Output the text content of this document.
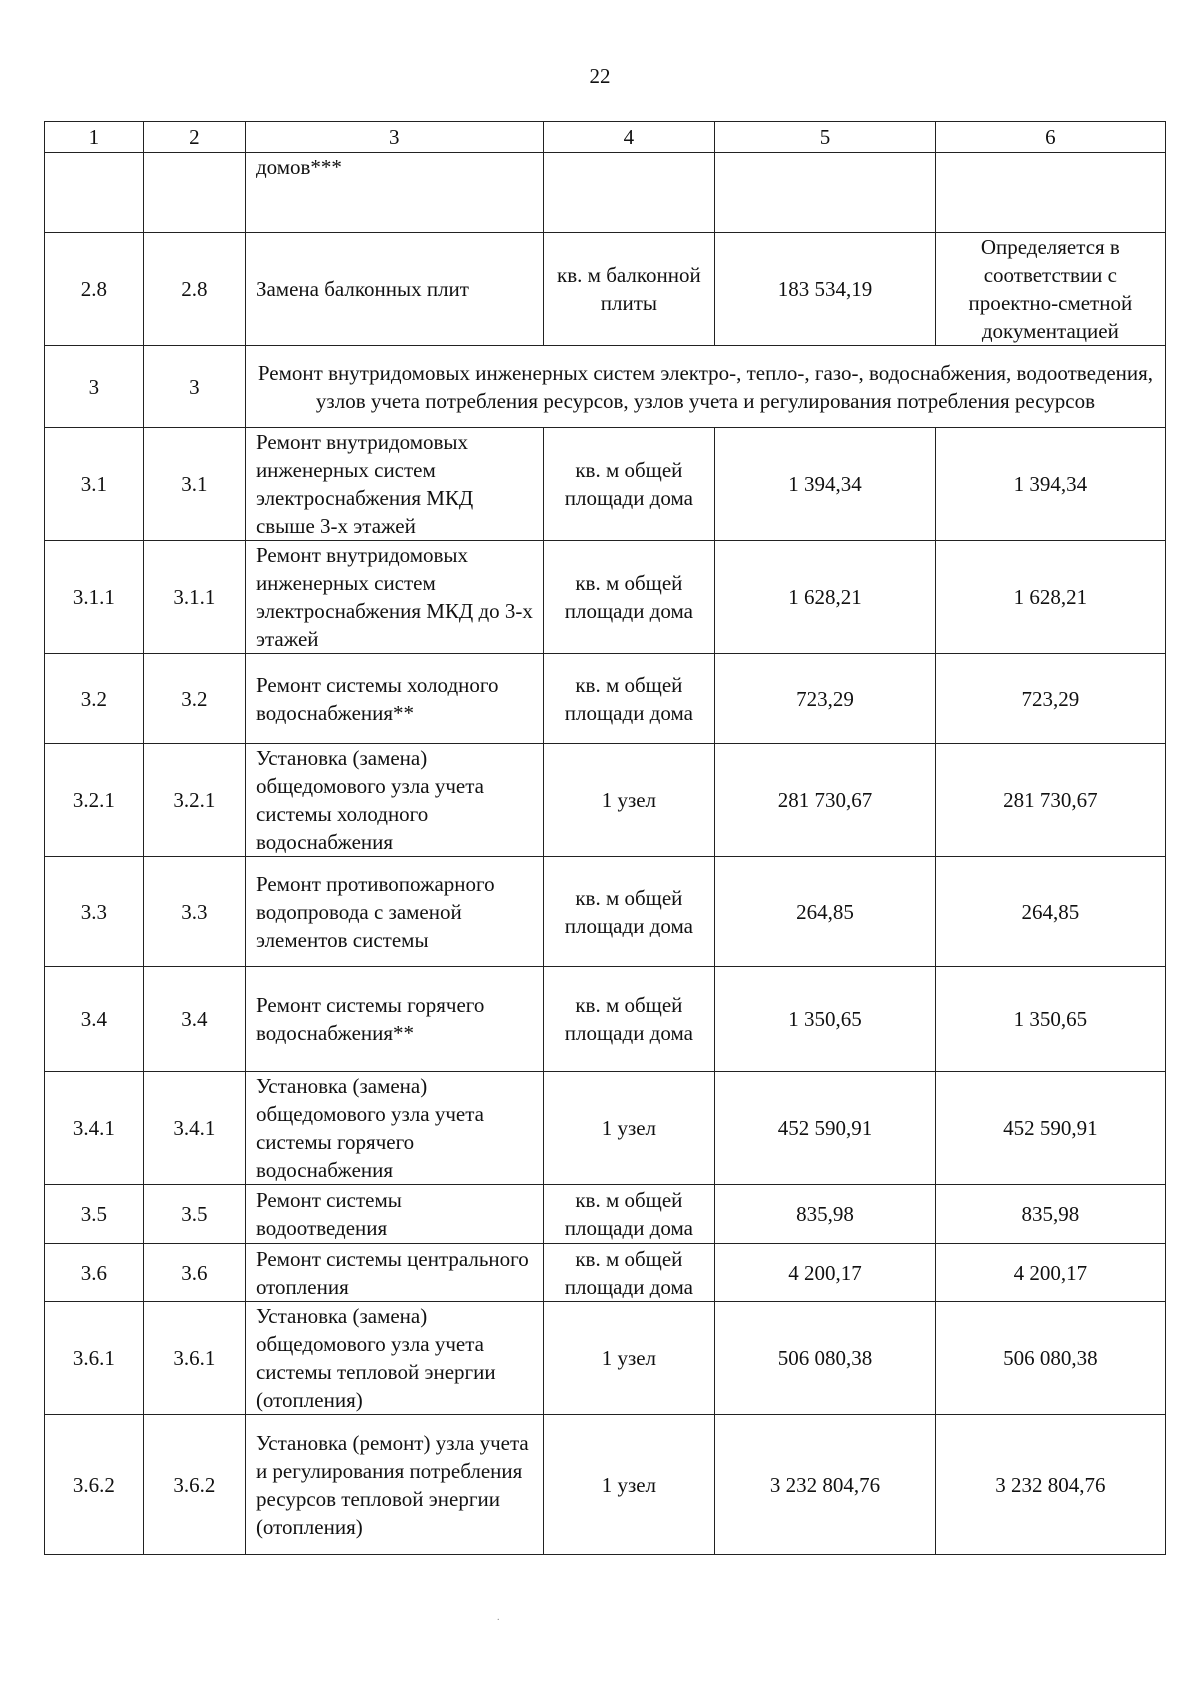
22
1	2	3	4	5	6
		домов***			
2.8	2.8	Замена балконных плит	кв. м балконной плиты	183 534,19	Определяется в соответствии с проектно-сметной документацией
3	3	Ремонт внутридомовых инженерных систем электро-, тепло-, газо-, водоснабжения, водоотведения, узлов учета потребления ресурсов, узлов учета и регулирования потребления ресурсов			
3.1	3.1	Ремонт внутридомовых инженерных систем электроснабжения МКД свыше 3-х этажей	кв. м общей площади дома	1 394,34	1 394,34
3.1.1	3.1.1	Ремонт внутридомовых инженерных систем электроснабжения МКД до 3-х этажей	кв. м общей площади дома	1 628,21	1 628,21
3.2	3.2	Ремонт системы холодного водоснабжения**	кв. м общей площади дома	723,29	723,29
3.2.1	3.2.1	Установка (замена) общедомового узла учета системы холодного водоснабжения	1 узел	281 730,67	281 730,67
3.3	3.3	Ремонт противопожарного водопровода с заменой элементов системы	кв. м общей площади дома	264,85	264,85
3.4	3.4	Ремонт системы горячего водоснабжения**	кв. м общей площади дома	1 350,65	1 350,65
3.4.1	3.4.1	Установка (замена) общедомового узла учета системы горячего водоснабжения	1 узел	452 590,91	452 590,91
3.5	3.5	Ремонт системы водоотведения	кв. м общей площади дома	835,98	835,98
3.6	3.6	Ремонт системы центрального отопления	кв. м общей площади дома	4 200,17	4 200,17
3.6.1	3.6.1	Установка (замена) общедомового узла учета системы тепловой энергии (отопления)	1 узел	506 080,38	506 080,38
3.6.2	3.6.2	Установка (ремонт) узла учета и регулирования потребления ресурсов тепловой энергии (отопления)	1 узел	3 232 804,76	3 232 804,76
.
